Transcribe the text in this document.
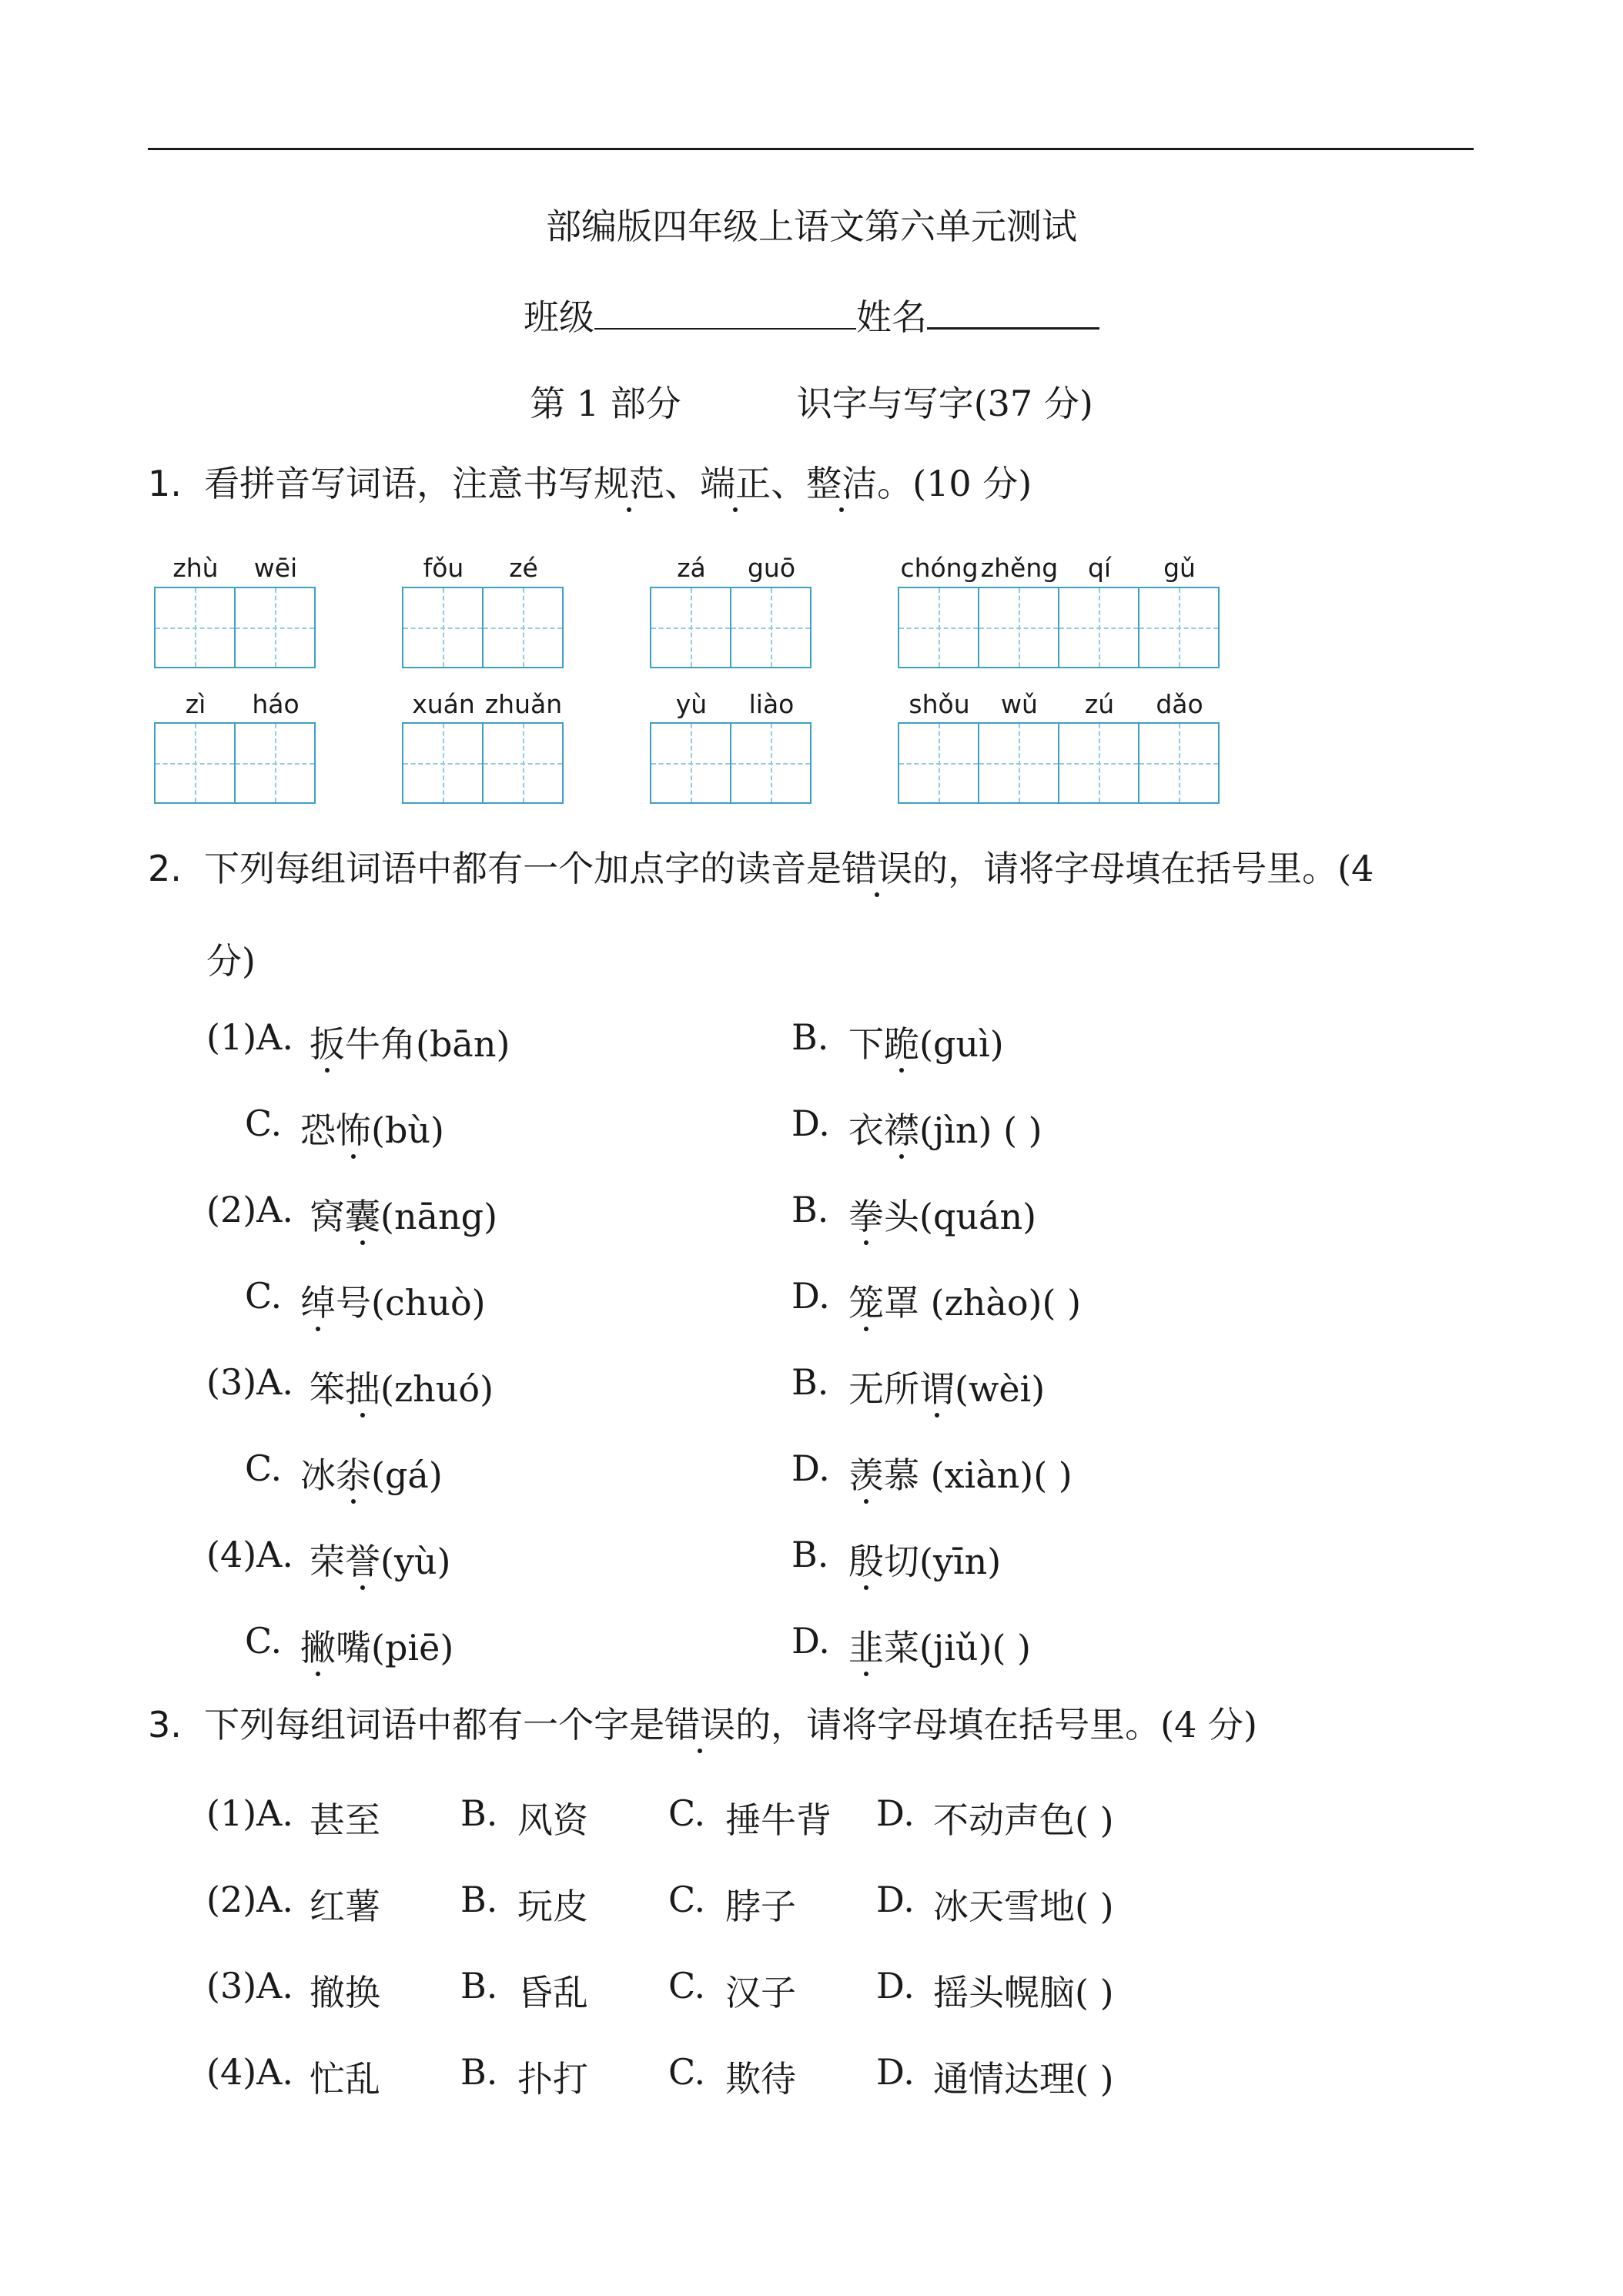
部编版四年级上语文第六单元测试
班级	姓名
第 1 部分	识字与写字(37 分)
1. 看拼音写词语，注意书写规范、端正、整洁。(10 分)
zhù	wēi	fǒu	zé	zá	guō	chóng zhěng	qí	gǔ
zì	háo	xuán zhuǎn	yù	liào	shǒu	wǔ	zú	dǎo
2. 下列每组词语中都有一个加点字的读音是错误的，请将字母填在括号里。(4
分)
(1)A. 扳牛角(bān)	B. 下跪(guì)
C. 恐怖(bù)	D. 衣襟(jìn) ( )
(2)A. 窝囊(nāng)	B. 拳头(quán)
C. 绰号(chuò)	D. 笼罩 (zhào)( )
(3)A. 笨拙(zhuó)	B. 无所谓(wèi)
C. 冰尜(gá)	D. 羡慕 (xiàn)( )
(4)A. 荣誉(yù)	B. 殷切(yīn)
C. 撇嘴(piē)	D. 韭菜(jiǔ)( )
3. 下列每组词语中都有一个字是错误的，请将字母填在括号里。(4 分)
(1)A. 甚至 B. 风资 C. 捶牛背 D. 不动声色( )
(2)A. 红薯 B. 玩皮 C. 脖子 D. 冰天雪地( )
(3)A. 撤换 B. 昏乱 C. 汉子 D. 摇头幌脑( )
(4)A. 忙乱 B. 扑打 C. 欺待 D. 通情达理( )
